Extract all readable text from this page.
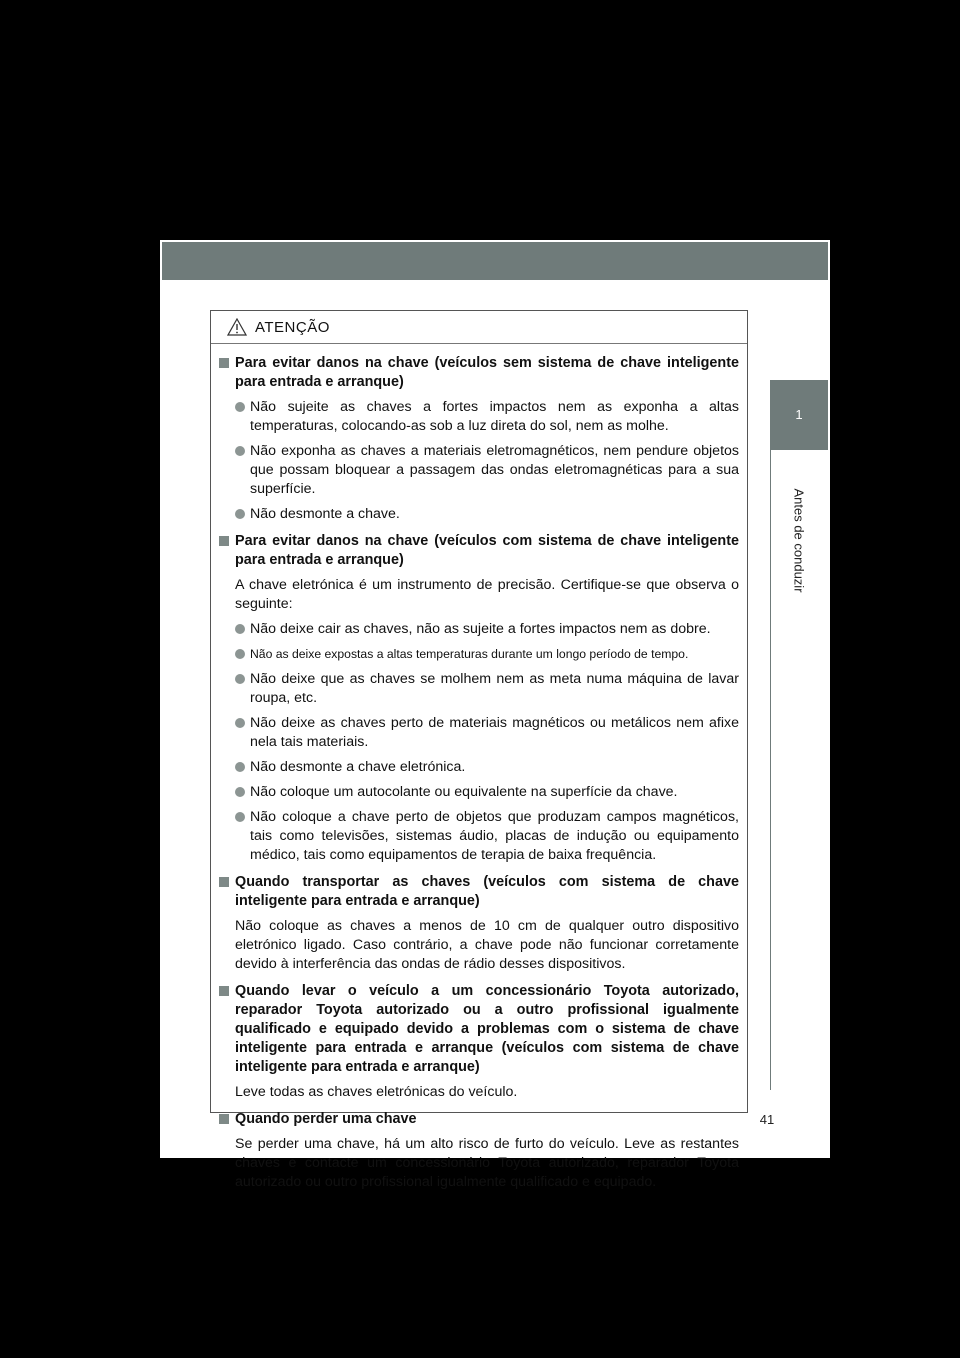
1
Antes de conduzir
41
ATENÇÃO
Para evitar danos na chave (veículos sem sistema de chave inteligente para entrada e arranque)
Não sujeite as chaves a fortes impactos nem as exponha a altas temperaturas, colocando-as sob a luz direta do sol, nem as molhe.
Não exponha as chaves a materiais eletromagnéticos, nem pendure objetos que possam bloquear a passagem das ondas eletromagnéticas para a sua superfície.
Não desmonte a chave.
Para evitar danos na chave (veículos com sistema de chave inteligente para entrada e arranque)
A chave eletrónica é um instrumento de precisão. Certifique-se que observa o seguinte:
Não deixe cair as chaves, não as sujeite a fortes impactos nem as dobre.
Não as deixe expostas a altas temperaturas durante um longo período de tempo.
Não deixe que as chaves se molhem nem as meta numa máquina de lavar roupa, etc.
Não deixe as chaves perto de materiais magnéticos ou metálicos nem afixe nela tais materiais.
Não desmonte a chave eletrónica.
Não coloque um autocolante ou equivalente na superfície da chave.
Não coloque a chave perto de objetos que produzam campos magnéticos, tais como televisões, sistemas áudio, placas de indução ou equipamento médico, tais como equipamentos de terapia de baixa frequência.
Quando transportar as chaves (veículos com sistema de chave inteligente para entrada e arranque)
Não coloque as chaves a menos de 10 cm de qualquer outro dispositivo eletrónico ligado. Caso contrário, a chave pode não funcionar corretamente devido à interferência das ondas de rádio desses dispositivos.
Quando levar o veículo a um concessionário Toyota autorizado, reparador Toyota autorizado ou a outro profissional igualmente qualificado e equipado devido a problemas com o sistema de chave inteligente para entrada e arranque (veículos com sistema de chave inteligente para entrada e arranque)
Leve todas as chaves eletrónicas do veículo.
Quando perder uma chave
Se perder uma chave, há um alto risco de furto do veículo. Leve as restantes chaves e contacte um concessionário Toyota autorizado, reparador Toyota autorizado ou outro profissional igualmente qualificado e equipado.
